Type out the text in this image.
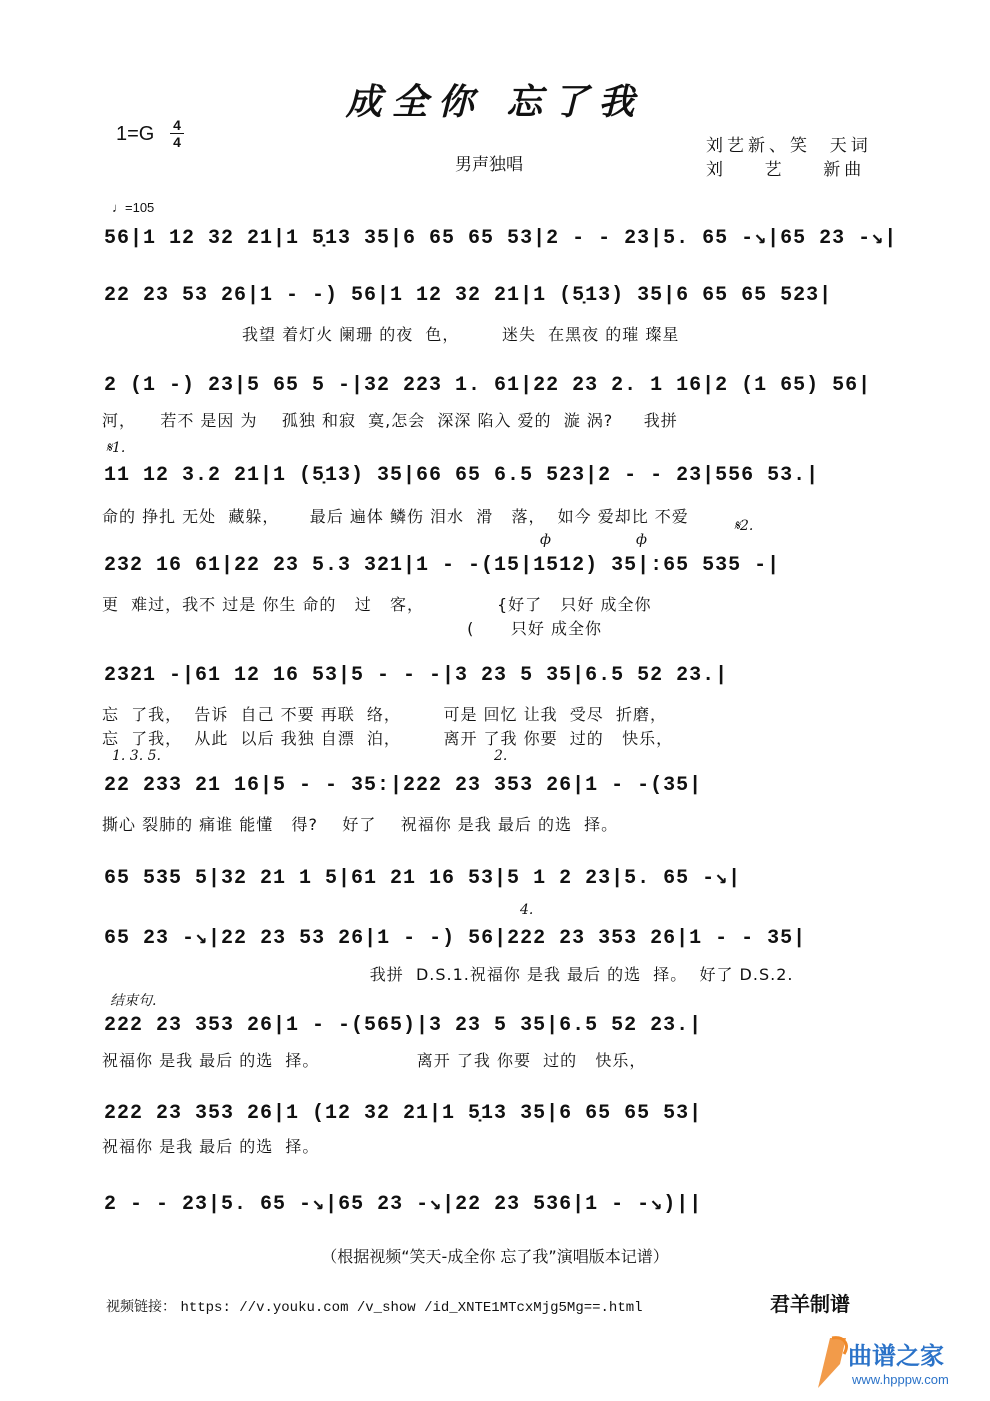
成全你 忘了我
1=G 4
4
男声独唱
刘艺新、笑  天词
刘    艺    新曲
♩=105
56|1 12 32 21|1 5̣13 35|6 65 65 53|2 - - 23|5. 65 -↘|65 23 -↘|
22 23 53 26|1 - -) 56|1 12 32 21|1 (5̣13) 35|6 65 65 523|
我望 着灯火 阑珊 的夜  色，       迷失  在黑夜 的璀 璨星
2 (1 -) 23|5 65 5 -|32 223 1. 61|22 23 2. 1 16|2 (1 65) 56|
河，    若不 是因 为    孤独 和寂  寞,怎会  深深 陷入 爱的  漩 涡?     我拼
𝄋1.
11 12 3.2 21|1 (5̣13) 35|66 65 6.5 523|2 - - 23|556 53.|
命的 挣扎 无处  藏躲，     最后 遍体 鳞伤 泪水  滑   落，  如今 爱却比 不爱
ф	ф
𝄋2.
232 16 61|22 23 5.3 321|1 - -(15|1512) 35|:65 535 -|
更  难过，我不 过是 你生 命的   过   客，            {好了   只好 成全你
(      只好 成全你
2321 -|61 12 16 53|5 - - -|3 23 5 35|6.5 52 23.|
忘  了我，  告诉  自己 不要 再联  络，       可是 回忆 让我  受尽  折磨，
忘  了我，  从此  以后 我独 自漂  泊，       离开 了我 你要  过的   快乐，
1. 3. 5.	2.
22 233 21 16|5 - - 35:|222 23 353 26|1 - -(35|
撕心 裂肺的 痛谁 能懂   得?    好了    祝福你 是我 最后 的选  择。
65 535 5|32 21 1 5|61 21 16 53|5 1 2 23|5. 65 -↘|
4.
65 23 -↘|22 23 53 26|1 - -) 56|222 23 353 26|1 - - 35|
我拼  D.S.1.祝福你 是我 最后 的选  择。  好了 D.S.2.
结束句.
222 23 353 26|1 - -(565)|3 23 5 35|6.5 52 23.|
祝福你 是我 最后 的选  择。                离开 了我 你要  过的   快乐，
222 23 353 26|1 (12 32 21|1 5̣13 35|6 65 65 53|
祝福你 是我 最后 的选  择。
2 - - 23|5. 65 -↘|65 23 -↘|22 23 536|1 - -↘)||
（根据视频“笑天-成全你 忘了我”演唱版本记谱）
视频链接： https: //v.youku.com /v_show /id_XNTE1MTcxMjg5Mg==.html	君羊制谱
曲谱之家
www.hpppw.com
